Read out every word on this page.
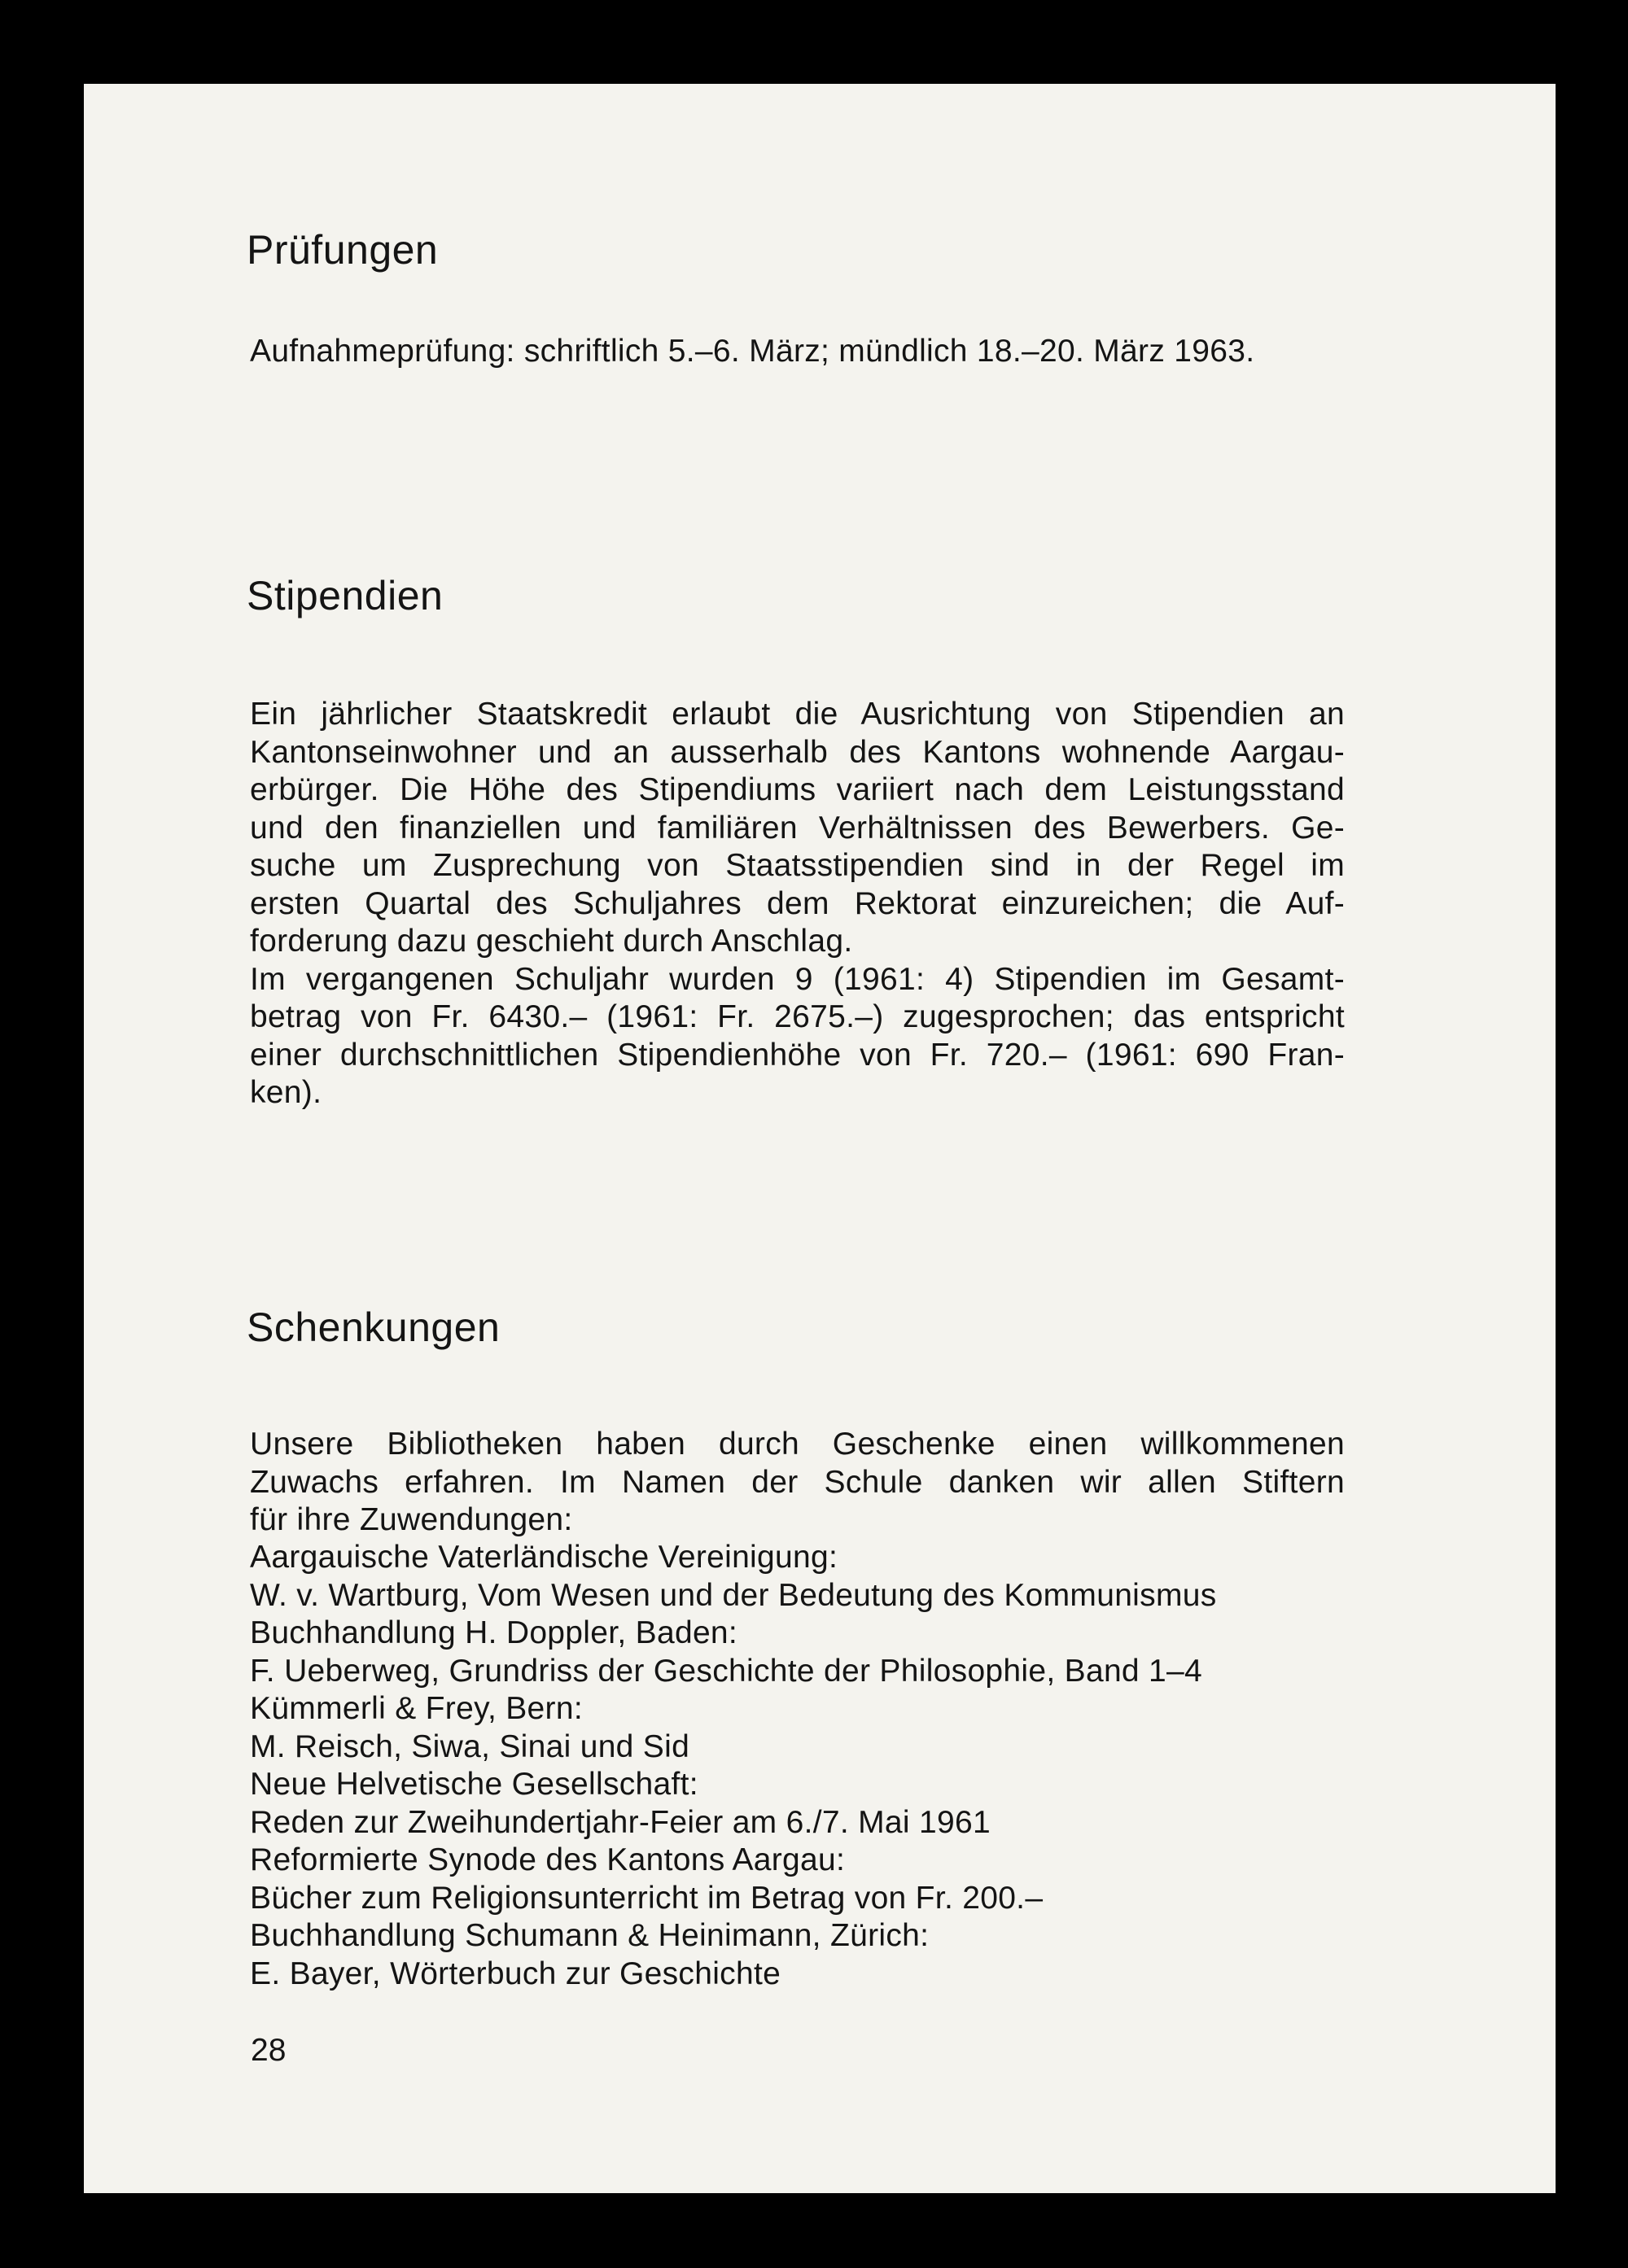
Prüfungen

Aufnahmeprüfung: schriftlich 5.–6. März; mündlich 18.–20. März 1963.

Stipendien
Ein jährlicher Staatskredit erlaubt die Ausrichtung von Stipendien an
Kantonseinwohner und an ausserhalb des Kantons wohnende Aargau-
erbürger. Die Höhe des Stipendiums variiert nach dem Leistungsstand
und den finanziellen und familiären Verhältnissen des Bewerbers. Ge-
suche um Zusprechung von Staatsstipendien sind in der Regel im
ersten Quartal des Schuljahres dem Rektorat einzureichen; die Auf-
forderung dazu geschieht durch Anschlag.
Im vergangenen Schuljahr wurden 9 (1961: 4) Stipendien im Gesamt-
betrag von Fr. 6430.– (1961: Fr. 2675.–) zugesprochen; das entspricht
einer durchschnittlichen Stipendienhöhe von Fr. 720.– (1961: 690 Fran-
ken).
Schenkungen
Unsere Bibliotheken haben durch Geschenke einen willkommenen
Zuwachs erfahren. Im Namen der Schule danken wir allen Stiftern
für ihre Zuwendungen:
Aargauische Vaterländische Vereinigung:
W. v. Wartburg, Vom Wesen und der Bedeutung des Kommunismus
Buchhandlung H. Doppler, Baden:
F. Ueberweg, Grundriss der Geschichte der Philosophie, Band 1–4
Kümmerli & Frey, Bern:
M. Reisch, Siwa, Sinai und Sid
Neue Helvetische Gesellschaft:
Reden zur Zweihundertjahr-Feier am 6./7. Mai 1961
Reformierte Synode des Kantons Aargau:
Bücher zum Religionsunterricht im Betrag von Fr. 200.–
Buchhandlung Schumann & Heinimann, Zürich:
E. Bayer, Wörterbuch zur Geschichte

28
